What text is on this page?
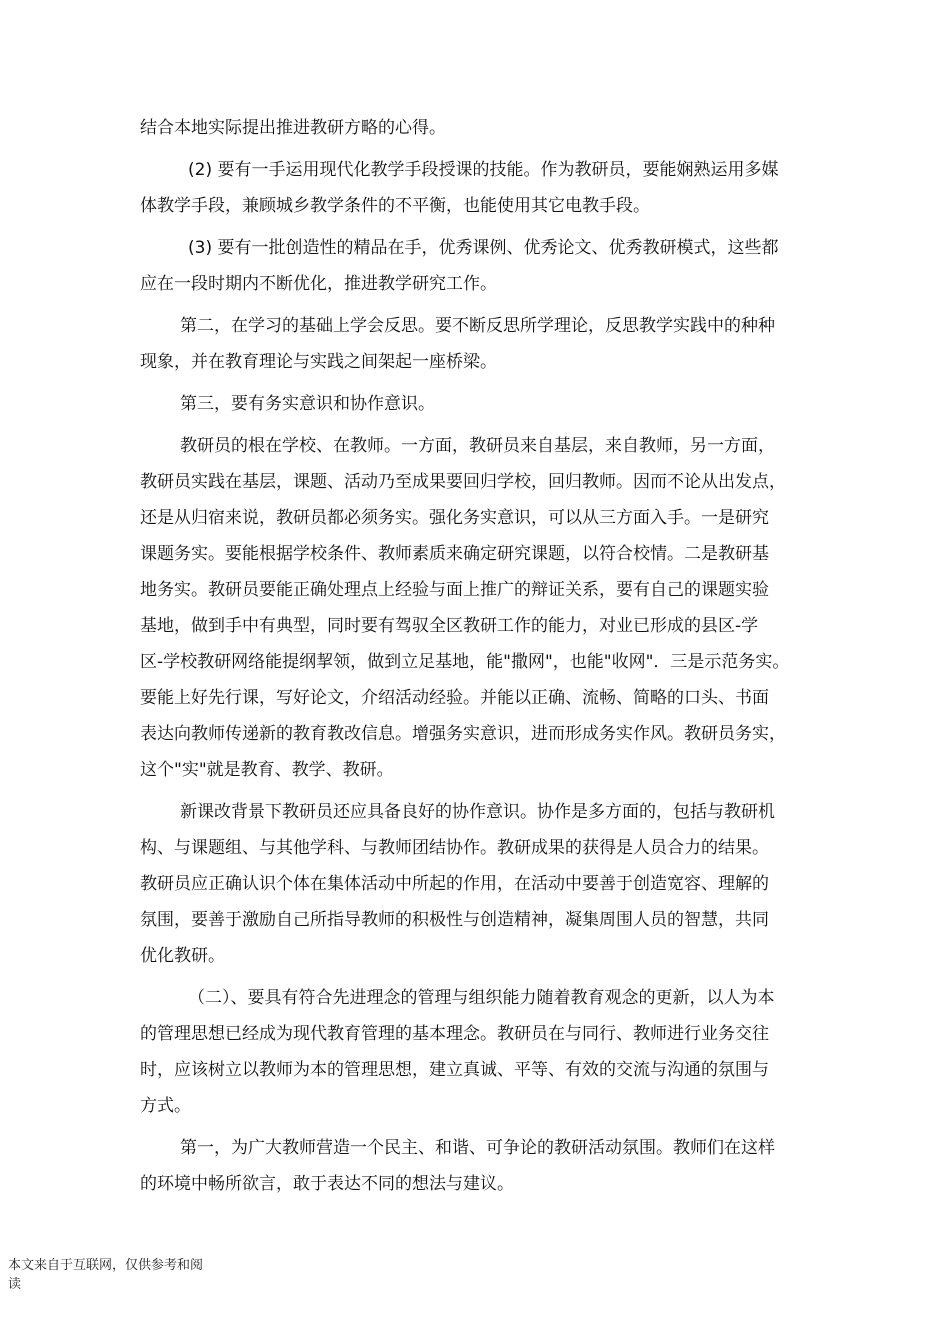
结合本地实际提出推进教研方略的心得。
(2) 要有一手运用现代化教学手段授课的技能。作为教研员，要能娴熟运用多媒
体教学手段，兼顾城乡教学条件的不平衡，也能使用其它电教手段。
(3) 要有一批创造性的精品在手，优秀课例、优秀论文、优秀教研模式，这些都
应在一段时期内不断优化，推进教学研究工作。
第二，在学习的基础上学会反思。要不断反思所学理论，反思教学实践中的种种
现象，并在教育理论与实践之间架起一座桥梁。
第三，要有务实意识和协作意识。
教研员的根在学校、在教师。一方面，教研员来自基层，来自教师，另一方面，
教研员实践在基层，课题、活动乃至成果要回归学校，回归教师。因而不论从出发点，
还是从归宿来说，教研员都必须务实。强化务实意识，可以从三方面入手。一是研究
课题务实。要能根据学校条件、教师素质来确定研究课题，以符合校情。二是教研基
地务实。教研员要能正确处理点上经验与面上推广的辩证关系，要有自己的课题实验
基地，做到手中有典型，同时要有驾驭全区教研工作的能力，对业已形成的县区-学
区-学校教研网络能提纲挈领，做到立足基地，能"撒网"，也能"收网"．三是示范务实。
要能上好先行课，写好论文，介绍活动经验。并能以正确、流畅、简略的口头、书面
表达向教师传递新的教育教改信息。增强务实意识，进而形成务实作风。教研员务实，
这个"实"就是教育、教学、教研。
新课改背景下教研员还应具备良好的协作意识。协作是多方面的，包括与教研机
构、与课题组、与其他学科、与教师团结协作。教研成果的获得是人员合力的结果。
教研员应正确认识个体在集体活动中所起的作用，在活动中要善于创造宽容、理解的
氛围，要善于激励自己所指导教师的积极性与创造精神，凝集周围人员的智慧，共同
优化教研。
（二）、要具有符合先进理念的管理与组织能力随着教育观念的更新，以人为本
的管理思想已经成为现代教育管理的基本理念。教研员在与同行、教师进行业务交往
时，应该树立以教师为本的管理思想，建立真诚、平等、有效的交流与沟通的氛围与
方式。
第一，为广大教师营造一个民主、和谐、可争论的教研活动氛围。教师们在这样
的环境中畅所欲言，敢于表达不同的想法与建议。
本文来自于互联网，仅供参考和阅
读
